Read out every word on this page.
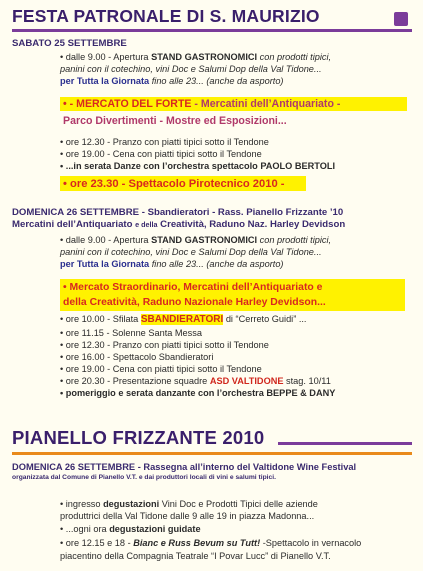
FESTA PATRONALE DI S. MAURIZIO
SABATO 25 SETTEMBRE
• dalle 9.00 - Apertura STAND GASTRONOMICI con prodotti tipici,
panini con il cotechino, vini Doc e Salumi Dop della Val Tidone...
per Tutta la Giornata fino alle 23... (anche da asporto)
• - MERCATO DEL FORTE - Mercatini dell’Antiquariato -
Parco Divertimenti - Mostre ed Esposizioni...
• ore 12.30 - Pranzo con piatti tipici sotto il Tendone
• ore 19.00 - Cena con piatti tipici sotto il Tendone
• ...in serata Danze con l’orchestra spettacolo PAOLO BERTOLI
• ore 23.30 - Spettacolo Pirotecnico 2010 -
DOMENICA 26 SETTEMBRE - Sbandieratori - Rass. Pianello Frizzante ’10
Mercatini dell’Antiquariato e della Creatività, Raduno Naz. Harley Devidson
• dalle 9.00 - Apertura STAND GASTRONOMICI con prodotti tipici,
panini con il cotechino, vini Doc e Salumi Dop della Val Tidone...
per Tutta la Giornata fino alle 23... (anche da asporto)
• Mercato Straordinario, Mercatini dell’Antiquariato e
della Creatività, Raduno Nazionale Harley Devidson...
• ore 10.00 - Sfilata SBANDIERATORI di “Cerreto Guidi” ...
• ore 11.15 - Solenne Santa Messa
• ore 12.30 - Pranzo con piatti tipici sotto il Tendone
• ore 16.00 - Spettacolo Sbandieratori
• ore 19.00 - Cena con piatti tipici sotto il Tendone
• ore 20.30 - Presentazione squadre ASD VALTIDONE stag. 10/11
• pomeriggio e serata danzante con l’orchestra BEPPE & DANY
PIANELLO FRIZZANTE 2010
DOMENICA 26 SETTEMBRE - Rassegna all’interno del Valtidone Wine Festival
organizzata dal Comune di Pianello V.T. e dai produttori locali di vini e salumi tipici.
• ingresso degustazioni Vini Doc e Prodotti Tipici delle aziende
produttrici della Val Tidone dalle 9 alle 19 in piazza Madonna...
• ...ogni ora degustazioni guidate
• ore 12.15 e 18 - Bianc e Russ Bevum su Tutt! -Spettacolo in vernacolo
piacentino della Compagnia Teatrale “I Povar Lucc” di Pianello V.T.
